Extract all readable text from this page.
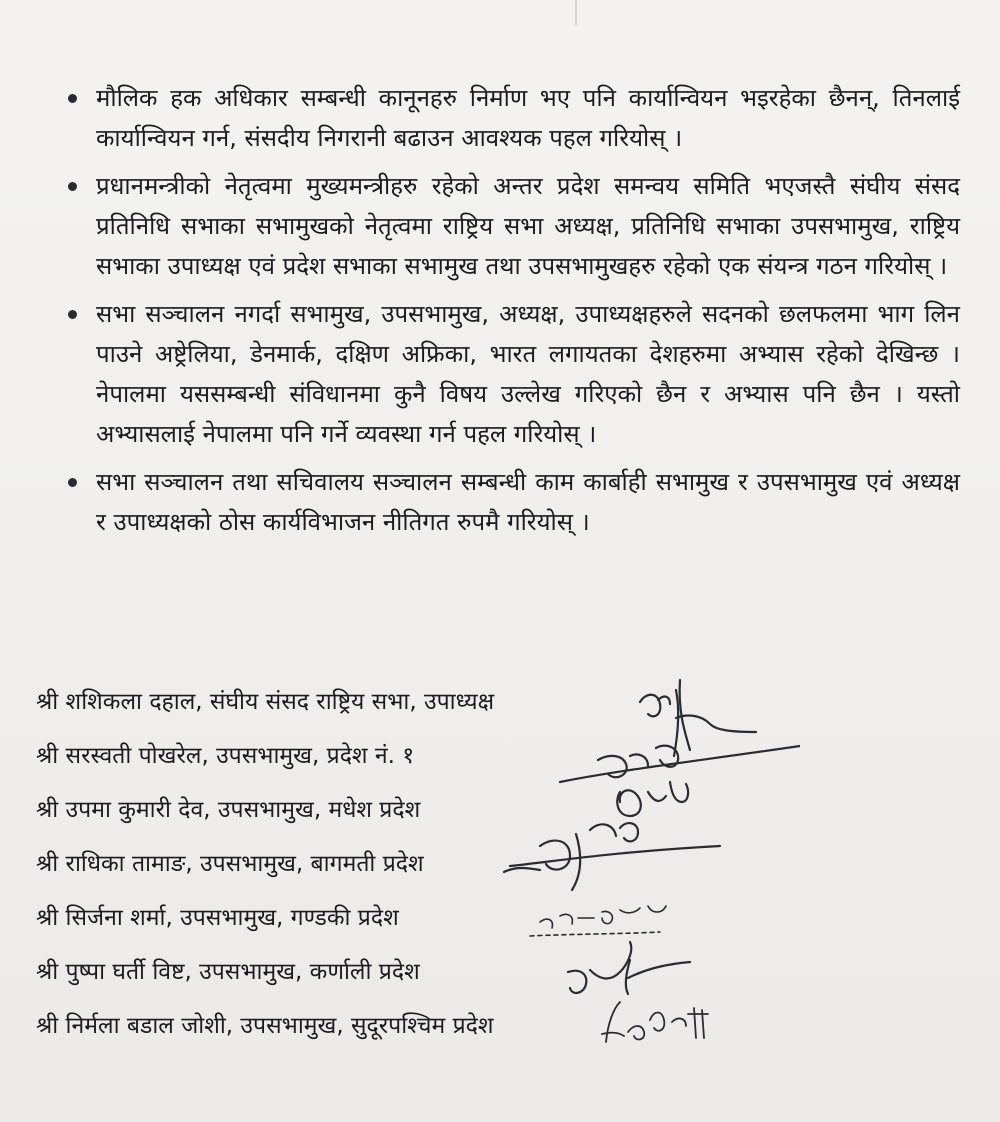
मौलिक हक अधिकार सम्बन्धी कानूनहरु निर्माण भए पनि कार्यान्वियन भइरहेका छैनन्, तिनलाई कार्यान्वियन गर्न, संसदीय निगरानी बढाउन आवश्यक पहल गरियोस् ।
प्रधानमन्त्रीको नेतृत्वमा मुख्यमन्त्रीहरु रहेको अन्तर प्रदेश समन्वय समिति भएजस्तै संघीय संसद प्रतिनिधि सभाका सभामुखको नेतृत्वमा राष्ट्रिय सभा अध्यक्ष, प्रतिनिधि सभाका उपसभामुख, राष्ट्रिय सभाका उपाध्यक्ष एवं प्रदेश सभाका सभामुख तथा उपसभामुखहरु रहेको एक संयन्त्र गठन गरियोस् ।
सभा सञ्चालन नगर्दा सभामुख, उपसभामुख, अध्यक्ष, उपाध्यक्षहरुले सदनको छलफलमा भाग लिन पाउने अष्ट्रेलिया, डेनमार्क, दक्षिण अफ्रिका, भारत लगायतका देशहरुमा अभ्यास रहेको देखिन्छ । नेपालमा यससम्बन्धी संविधानमा कुनै विषय उल्लेख गरिएको छैन र अभ्यास पनि छैन । यस्तो अभ्यासलाई नेपालमा पनि गर्ने व्यवस्था गर्न पहल गरियोस् ।
सभा सञ्चालन तथा सचिवालय सञ्चालन सम्बन्धी काम कार्बाही सभामुख र उपसभामुख एवं अध्यक्ष र उपाध्यक्षको ठोस कार्यविभाजन नीतिगत रुपमै गरियोस् ।
श्री शशिकला दहाल, संघीय संसद राष्ट्रिय सभा, उपाध्यक्ष
श्री सरस्वती पोखरेल, उपसभामुख, प्रदेश नं. १
श्री उपमा कुमारी देव, उपसभामुख, मधेश प्रदेश
श्री राधिका तामाङ, उपसभामुख, बागमती प्रदेश
श्री सिर्जना शर्मा, उपसभामुख, गण्डकी प्रदेश
श्री पुष्पा घर्ती विष्ट, उपसभामुख, कर्णाली प्रदेश
श्री निर्मला बडाल जोशी, उपसभामुख, सुदूरपश्चिम प्रदेश
